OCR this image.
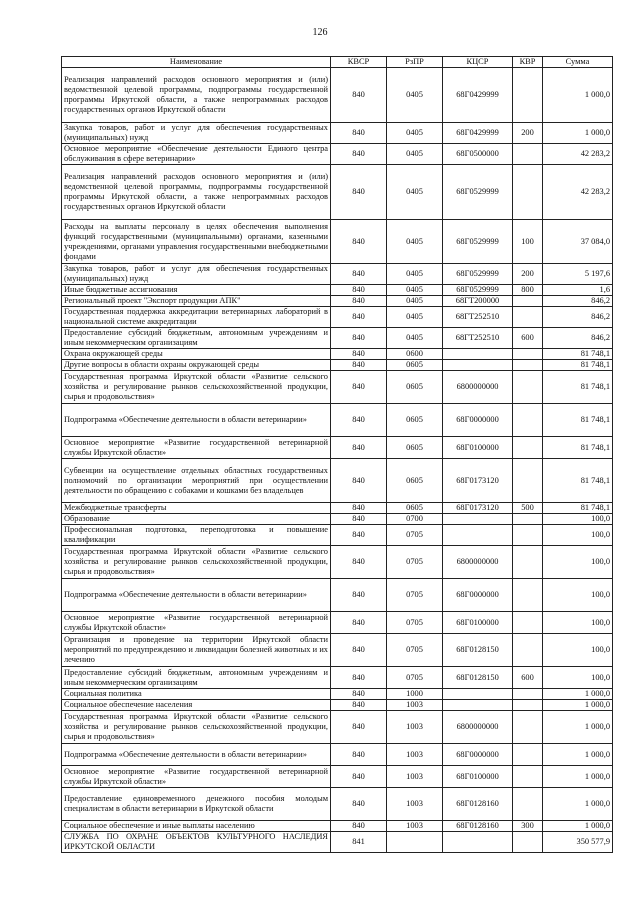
126
Наименование	КВСР	РзПР	КЦСР	КВР	Сумма
Реализация направлений расходов основного мероприятия и (или) ведомственной целевой программы, подпрограммы государственной программы Иркутской области, а также непрограммных расходов государственных органов Иркутской области	840	0405	68Г0429999		1 000,0
Закупка товаров, работ и услуг для обеспечения государственных (муниципальных) нужд	840	0405	68Г0429999	200	1 000,0
Основное мероприятие «Обеспечение деятельности Единого центра обслуживания в сфере ветеринарии»	840	0405	68Г0500000		42 283,2
Реализация направлений расходов основного мероприятия и (или) ведомственной целевой программы, подпрограммы государственной программы Иркутской области, а также непрограммных расходов государственных органов Иркутской области	840	0405	68Г0529999		42 283,2
Расходы на выплаты персоналу в целях обеспечения выполнения функций государственными (муниципальными) органами, казенными учреждениями, органами управления государственными внебюджетными фондами	840	0405	68Г0529999	100	37 084,0
Закупка товаров, работ и услуг для обеспечения государственных (муниципальных) нужд	840	0405	68Г0529999	200	5 197,6
Иные бюджетные ассигнования	840	0405	68Г0529999	800	1,6
Региональный проект "Экспорт продукции АПК"	840	0405	68ГT200000		846,2
Государственная поддержка аккредитации ветеринарных лабораторий в национальной системе аккредитации	840	0405	68ГT252510		846,2
Предоставление субсидий бюджетным, автономным учреждениям и иным некоммерческим организациям	840	0405	68ГT252510	600	846,2
Охрана окружающей среды	840	0600			81 748,1
Другие вопросы в области охраны окружающей среды	840	0605			81 748,1
Государственная программа Иркутской области «Развитие сельского хозяйства и регулирование рынков сельскохозяйственной продукции, сырья и продовольствия»	840	0605	6800000000		81 748,1
Подпрограмма «Обеспечение деятельности в области ветеринарии»	840	0605	68Г0000000		81 748,1
Основное мероприятие «Развитие государственной ветеринарной службы Иркутской области»	840	0605	68Г0100000		81 748,1
Субвенции на осуществление отдельных областных государственных полномочий по организации мероприятий при осуществлении деятельности по обращению с собаками и кошками без владельцев	840	0605	68Г0173120		81 748,1
Межбюджетные трансферты	840	0605	68Г0173120	500	81 748,1
Образование	840	0700			100,0
Профессиональная подготовка, переподготовка и повышение квалификации	840	0705			100,0
Государственная программа Иркутской области «Развитие сельского хозяйства и регулирование рынков сельскохозяйственной продукции, сырья и продовольствия»	840	0705	6800000000		100,0
Подпрограмма «Обеспечение деятельности в области ветеринарии»	840	0705	68Г0000000		100,0
Основное мероприятие «Развитие государственной ветеринарной службы Иркутской области»	840	0705	68Г0100000		100,0
Организация и проведение на территории Иркутской области мероприятий по предупреждению и ликвидации болезней животных и их лечению	840	0705	68Г0128150		100,0
Предоставление субсидий бюджетным, автономным учреждениям и иным некоммерческим организациям	840	0705	68Г0128150	600	100,0
Социальная политика	840	1000			1 000,0
Социальное обеспечение населения	840	1003			1 000,0
Государственная программа Иркутской области «Развитие сельского хозяйства и регулирование рынков сельскохозяйственной продукции, сырья и продовольствия»	840	1003	6800000000		1 000,0
Подпрограмма «Обеспечение деятельности в области ветеринарии»	840	1003	68Г0000000		1 000,0
Основное мероприятие «Развитие государственной ветеринарной службы Иркутской области»	840	1003	68Г0100000		1 000,0
Предоставление единовременного денежного пособия молодым специалистам в области ветеринарии в Иркутской области	840	1003	68Г0128160		1 000,0
Социальное обеспечение и иные выплаты населению	840	1003	68Г0128160	300	1 000,0
СЛУЖБА ПО ОХРАНЕ ОБЪЕКТОВ КУЛЬТУРНОГО НАСЛЕДИЯ ИРКУТСКОЙ ОБЛАСТИ	841				350 577,9
